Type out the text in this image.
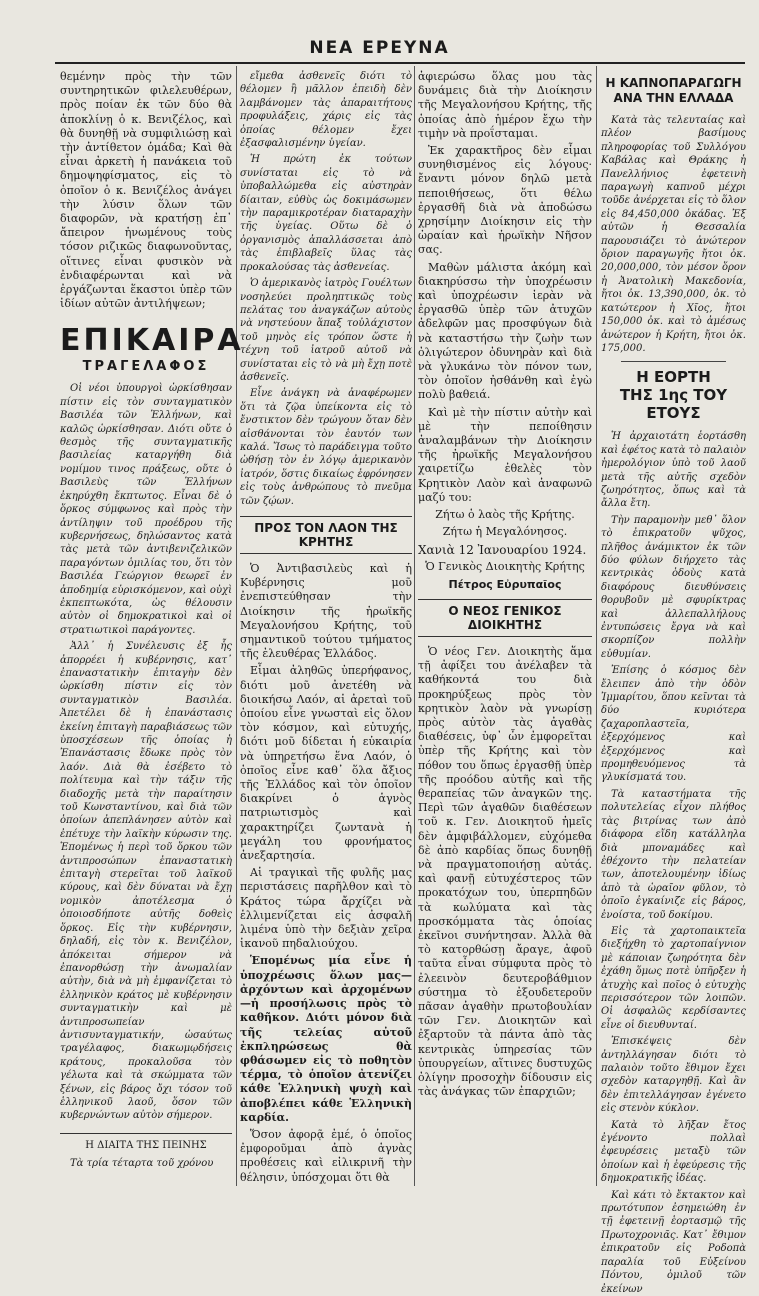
ΝΕΑ ΕΡΕΥΝΑ

θεμένην πρὸς τὴν τῶν συντηρητικῶν φιλελευθέρων, πρὸς ποίαν ἐκ τῶν δύο θὰ ἀποκλίνῃ ὁ κ. Βενιζέλος, καὶ θὰ δυνηθῇ νὰ συμφιλιώσῃ καὶ τὴν ἀντίθετον ὁμάδα; Καὶ θὰ εἶναι ἀρκετὴ ἡ πανάκεια τοῦ δημοψηφίσματος, εἰς τὸ ὁποῖον ὁ κ. Βενιζέλος ἀνάγει τὴν λύσιν ὅλων τῶν διαφορῶν, νὰ κρατήσῃ ἐπ᾿ ἄπειρον ἡνωμένους τοὺς τόσον ριζικῶς διαφωνοῦντας, οἵτινες εἶναι φυσικὸν νὰ ἐνδιαφέρωνται καὶ νὰ ἐργάζωνται ἕκαστοι ὑπὲρ τῶν ἰδίων αὐτῶν ἀντιλήψεων;

ΕΠΙΚΑΙΡΑ
ΤΡΑΓΕΛΑΦΟΣ

Οἱ νέοι ὑπουργοὶ ὡρκίσθησαν πίστιν εἰς τὸν συνταγματικὸν Βασιλέα τῶν Ἑλλήνων, καὶ καλῶς ὡρκίσθησαν. Διότι οὔτε ὁ θεσμὸς τῆς συνταγματικῆς βασιλείας καταργήθη διὰ νομίμου τινος πράξεως, οὔτε ὁ Βασιλεὺς τῶν Ἑλλήνων ἐκηρύχθη ἔκπτωτος. Εἶναι δὲ ὁ ὅρκος σύμφωνος καὶ πρὸς τὴν ἀντίληψιν τοῦ προέδρου τῆς κυβερνήσεως, δηλώσαντος κατὰ τὰς μετὰ τῶν ἀντιβενιζελικῶν παραγόντων ὁμιλίας του, ὅτι τὸν Βασιλέα Γεώργιον θεωρεῖ ἐν ἀποδημίᾳ εὑρισκόμενον, καὶ οὐχὶ ἐκπεπτωκότα, ὡς θέλουσιν αὐτὸν οἱ δημοκρατικοὶ καὶ οἱ στρατιωτικοὶ παράγοντες.

Ἀλλ᾿ ἡ Συνέλευσις ἐξ ἧς ἀπορρέει ἡ κυβέρνησις, κατ᾿ ἐπαναστατικὴν ἐπιταγὴν δὲν ὡρκίσθη πίστιν εἰς τὸν συνταγματικὸν Βασιλέα. Ἀπετέλει δὲ ἡ ἐπανάστασις ἐκείνη ἐπιταγὴ παραβιάσεως τῶν ὑποσχέσεων τῆς ὁποίας ἡ Ἐπανάστασις ἔδωκε πρὸς τὸν λαόν. Διὰ θὰ ἐσέβετο τὸ πολίτευμα καὶ τὴν τάξιν τῆς διαδοχῆς μετὰ τὴν παραίτησιν τοῦ Κωνσταντίνου, καὶ διὰ τῶν ὁποίων ἀπεπλάνησεν αὐτὸν καὶ ἐπέτυχε τὴν λαϊκὴν κύρωσιν της. Ἑπομένως ἡ περὶ τοῦ ὅρκου τῶν ἀντιπροσώπων ἐπαναστατικὴ ἐπιταγὴ στερεῖται τοῦ λαϊκοῦ κύρους, καὶ δὲν δύναται νὰ ἔχῃ νομικὸν ἀποτέλεσμα ὁ ὁποιοσδήποτε αὐτῆς δοθεὶς ὅρκος. Εἰς τὴν κυβέρνησιν, δηλαδή, εἰς τὸν κ. Βενιζέλον, ἀπόκειται σήμερον νὰ ἐπανορθώσῃ τὴν ἀνωμαλίαν αὐτὴν, διὰ νὰ μὴ ἐμφανίζεται τὸ ἑλληνικὸν κράτος μὲ κυβέρνησιν συνταγματικὴν καὶ μὲ ἀντιπροσωπείαν ἀντισυνταγματικήν, ὡσαύτως τραγέλαφος, διακωμῳδήσεις κράτους, προκαλοῦσα τὸν γέλωτα καὶ τὰ σκώμματα τῶν ξένων, εἰς βάρος ὄχι τόσον τοῦ ἑλληνικοῦ λαοῦ, ὅσον τῶν κυβερνώντων αὐτὸν σήμερον.

Η ΔΙΑΙΤΑ ΤΗΣ ΠΕΙΝΗΣ

Τὰ τρία τέταρτα τοῦ χρόνου

εἴμεθα ἀσθενεῖς διότι τὸ θέλομεν ἢ μᾶλλον ἐπειδὴ δὲν λαμβάνομεν τὰς ἀπαραιτήτους προφυλάξεις, χάρις εἰς τὰς ὁποίας θέλομεν ἔχει ἐξασφαλισμένην ὑγείαν.

Ἡ πρώτη ἐκ τούτων συνίσταται εἰς τὸ νὰ ὑποβαλλώμεθα εἰς αὐστηρὰν δίαιταν, εὐθὺς ὡς δοκιμάσωμεν τὴν παραμικροτέραν διαταραχὴν τῆς ὑγείας. Οὕτω δὲ ὁ ὀργανισμὸς ἀπαλλάσσεται ἀπὸ τὰς ἐπιβλαβεῖς ὕλας τὰς προκαλούσας τὰς ἀσθενείας.

Ὁ ἀμερικανὸς ἰατρὸς Γουέλτων νοσηλεύει προληπτικῶς τοὺς πελάτας του ἀναγκάζων αὐτοὺς νὰ νηστεύουν ἅπαξ τοὐλάχιστον τοῦ μηνὸς εἰς τρόπον ὥστε ἡ τέχνη τοῦ ἰατροῦ αὐτοῦ νὰ συνίσταται εἰς τὸ νὰ μὴ ἔχῃ ποτὲ ἀσθενεῖς.

Εἶνε ἀνάγκη νὰ ἀναφέρωμεν ὅτι τὰ ζῷα ὑπείκοντα εἰς τὸ ἔνστικτον δὲν τρώγουν ὅταν δὲν αἰσθάνονται τὸν ἑαυτόν των καλά. Ἴσως τὸ παράδειγμα τοῦτο ὠθήσῃ τὸν ἐν λόγῳ ἀμερικανὸν ἰατρόν, ὅστις δικαίως ἐφρόνησεν εἰς τοὺς ἀνθρώπους τὸ πνεῦμα τῶν ζῴων.

ΠΡΟΣ ΤΟΝ ΛΑΟΝ ΤΗΣ ΚΡΗΤΗΣ

Ὁ Ἀντιβασιλεὺς καὶ ἡ Κυβέρνησις μοῦ ἐνεπιστεύθησαν τὴν Διοίκησιν τῆς ἡρωϊκῆς Μεγαλονήσου Κρήτης, τοῦ σημαντικοῦ τούτου τμήματος τῆς ἐλευθέρας Ἑλλάδος.

Εἶμαι ἀληθῶς ὑπερήφανος, διότι μοῦ ἀνετέθη νὰ διοικήσω Λαόν, αἱ ἀρεταὶ τοῦ ὁποίου εἶνε γνωσταὶ εἰς ὅλον τὸν κόσμον, καὶ εὐτυχής, διότι μοῦ δίδεται ἡ εὐκαιρία νὰ ὑπηρετήσω ἕνα Λαόν, ὁ ὁποῖος εἶνε καθ᾿ ὅλα ἄξιος τῆς Ἑλλάδος καὶ τὸν ὁποῖον διακρίνει ὁ ἁγνὸς πατριωτισμὸς καὶ χαρακτηρίζει ζωντανὰ ἡ μεγάλη του φρονήματος ἀνεξαρτησία.

Αἱ τραγικαὶ τῆς φυλῆς μας περιστάσεις παρῆλθον καὶ τὸ Κράτος τώρα ἄρχίζει νὰ ἑλλιμενίζεται εἰς ἀσφαλῆ λιμένα ὑπὸ τὴν δεξιὰν χεῖρα ἱκανοῦ πηδαλιούχου.

Ἑπομένως μία εἶνε ἡ ὑποχρέωσις ὅλων μας—ἀρχόντων καὶ ἀρχομένων—ἡ προσήλωσις πρὸς τὸ καθῆκον. Διότι μόνον διὰ τῆς τελείας αὐτοῦ ἐκπληρώσεως θὰ φθάσωμεν εἰς τὸ ποθητὸν τέρμα, τὸ ὁποῖον ἀτενίζει κάθε Ἑλληνικὴ ψυχὴ καὶ ἀποβλέπει κάθε Ἑλληνικὴ καρδία.

Ὅσον ἀφορᾷ ἐμέ, ὁ ὁποῖος ἐμφοροῦμαι ἀπὸ ἁγνὰς προθέσεις καὶ εἰλικρινῆ τὴν θέλησιν, ὑπόσχομαι ὅτι θὰ

ἀφιερώσω ὅλας μου τὰς δυνάμεις διὰ τὴν Διοίκησιν τῆς Μεγαλονήσου Κρήτης, τῆς ὁποίας ἀπὸ ἡμέρον ἔχω τὴν τιμὴν νὰ προΐσταμαι.

Ἐκ χαρακτῆρος δὲν εἶμαι συνηθισμένος εἰς λόγους· ἔναντι μόνον δηλῶ μετὰ πεποιθήσεως, ὅτι θέλω ἐργασθῆ διὰ νὰ ἀποδώσω χρησίμην Διοίκησιν εἰς τὴν ὡραίαν καὶ ἡρωϊκὴν Νῆσον σας.

Μαθὼν μάλιστα ἀκόμη καὶ διακηρύσσω τὴν ὑποχρέωσιν καὶ ὑποχρέωσιν ἱερὰν νὰ ἐργασθῶ ὑπὲρ τῶν ἀτυχῶν ἀδελφῶν μας προσφύγων διὰ νὰ καταστήσω τὴν ζωὴν των ὀλιγώτερον ὀδυνηρὰν καὶ διὰ νὰ γλυκάνω τὸν πόνον των, τὸν ὁποῖον ἠσθάνθη καὶ ἐγὼ πολὺ βαθειά.

Καὶ μὲ τὴν πίστιν αὐτὴν καὶ μὲ τὴν πεποίθησιν ἀναλαμβάνων τὴν Διοίκησιν τῆς ἡρωϊκῆς Μεγαλονήσου χαιρετίζω ἐθελὲς τὸν Κρητικὸν Λαὸν καὶ ἀναφωνῶ μαζύ του:

Ζήτω ὁ λαὸς τῆς Κρήτης.

Ζήτω ἡ Μεγαλόνησος.

Χανιὰ 12 Ἰανουαρίου 1924.

Ὁ Γενικὸς Διοικητὴς Κρήτης

Πέτρος Εὐρυπαῖος
Ο ΝΕΟΣ ΓΕΝΙΚΟΣ ΔΙΟΙΚΗΤΗΣ

Ὁ νέος Γεν. Διοικητὴς ἅμα τῇ ἀφίξει του ἀνέλαβεν τὰ καθήκοντά του διὰ προκηρύξεως πρὸς τὸν κρητικὸν λαὸν νὰ γνωρίσῃ πρὸς αὐτὸν τὰς ἀγαθὰς διαθέσεις, ὑφ᾿ ὧν ἐμφορεῖται ὑπὲρ τῆς Κρήτης καὶ τὸν πόθον του ὅπως ἐργασθῇ ὑπὲρ τῆς προόδου αὐτῆς καὶ τῆς θεραπείας τῶν ἀναγκῶν της. Περὶ τῶν ἀγαθῶν διαθέσεων τοῦ κ. Γεν. Διοικητοῦ ἡμεῖς δὲν ἀμφιβάλλομεν, εὐχόμεθα δὲ ἀπὸ καρδίας ὅπως δυνηθῇ νὰ πραγματοποιήσῃ αὐτάς. καὶ φανῇ εὐτυχέστερος τῶν προκατόχων του, ὑπερπηδῶν τὰ κωλύματα καὶ τὰς προσκόμματα τὰς ὁποίας ἐκεῖνοι συνήντησαν. Ἀλλὰ θὰ τὸ κατορθώσῃ ἄραγε, ἀφοῦ ταῦτα εἶναι σύμφυτα πρὸς τὸ ἐλεεινὸν δευτεροβάθμιον σύστημα τὸ ἐξουδετεροῦν πᾶσαν ἀγαθὴν πρωτοβουλίαν τῶν Γεν. Διοικητῶν καὶ ἐξαρτοῦν τὰ πάντα ἀπὸ τὰς κεντρικὰς ὑπηρεσίας τῶν ὑπουργείων, αἵτινες δυστυχῶς ὀλίγην προσοχὴν δίδουσιν εἰς τὰς ἀνάγκας τῶν ἐπαρχιῶν;

Η ΚΑΠΝΟΠΑΡΑΓΩΓΗ ΑΝΑ ΤΗΝ ΕΛΛΑΔΑ

Κατὰ τὰς τελευταίας καὶ πλέον βασίμους πληροφορίας τοῦ Συλλόγου Καβάλας καὶ Θράκης ἡ Πανελλήνιος ἐφετεινὴ παραγωγὴ καπνοῦ μέχρι τοῦδε ἀνέρχεται εἰς τὸ ὅλον εἰς 84,450,000 ὀκάδας. Ἐξ αὐτῶν ἡ Θεσσαλία παρουσιάζει τὸ ἀνώτερον ὅριον παραγωγῆς ἤτοι ὀκ. 20,000,000, τὸν μέσον ὅρον ἡ Ἀνατολικὴ Μακεδονία, ἤτοι ὀκ. 13,390,000, ὀκ. τὸ κατώτερον ἡ Χῖος, ἤτοι 150,000 ὀκ. καὶ τὸ ἀμέσως ἀνώτερον ἡ Κρήτη, ἤτοι ὀκ. 175,000.

Η ΕΟΡΤΗ
ΤΗΣ 1ης ΤΟΥ ΕΤΟΥΣ

Ἡ ἀρχαιοτάτη ἑορτάσθη καὶ ἐφέτος κατὰ τὸ παλαιὸν ἡμερολόγιον ὑπὸ τοῦ λαοῦ μετὰ τῆς αὐτῆς σχεδὸν ζωηρότητος, ὅπως καὶ τὰ ἄλλα ἔτη.

Τὴν παραμονὴν μεθ᾿ ὅλον τὸ ἐπικρατοῦν ψῦχος, πλῆθος ἀνάμικτον ἐκ τῶν δύο φύλων διήρχετο τὰς κεντρικὰς ὁδοὺς κατὰ διαφόρους διευθύνσεις θορυβοῦν μὲ σφυρίκτρας καὶ ἀλλεπαλλήλους ἐντυπώσεις ἔργα νὰ καὶ σκορπίζον πολλὴν εὐθυμίαν.

Ἐπίσης ὁ κόσμος δὲν ἔλειπεν ἀπὸ τὴν ὁδὸν Ἰμμαρίτου, ὅπου κεῖνται τὰ δύο κυριότερα ζαχαροπλαστεῖα, ἐξερχόμενος καὶ ἐξερχόμενος καὶ προμηθευόμενος τὰ γλυκίσματά του.

Τὰ καταστήματα τῆς πολυτελείας εἶχον πλήθος τὰς βιτρίνας των ἀπὸ διάφορα εἴδη κατάλληλα διὰ μποναμάδες καὶ ἐθέχοντο τὴν πελατείαν των, ἀποτελουμένην ἰδίως ἀπὸ τὰ ὡραῖον φῦλον, τὸ ὁποῖο ἐγκαίνιζε εἰς βάρος, ἐνοίστα, τοῦ δοκίμου.

Εἰς τὰ χαρτοπαικτεῖα διεξήχθη τὸ χαρτοπαίγνιον μὲ κάποιαν ζωηρότητα δὲν ἐχάθη ὅμως ποτὲ ὑπῆρξεν ἡ ἀτυχὴς καὶ ποῖος ὁ εὐτυχὴς περισσότερον τῶν λοιπῶν. Οἱ ἀσφαλῶς κερδίσαντες εἶνε οἱ διευθυνταί.

Ἐπισκέψεις δὲν ἀντηλλάγησαν διότι τὸ παλαιὸν τοῦτο ἔθιμον ἔχει σχεδὸν καταργηθῇ. Καὶ ἂν δὲν ἐπιτελλάγησαν ἐγένετο εἰς στενὸν κύκλον.

Κατὰ τὸ λῆξαν ἔτος ἐγένοντο πολλαὶ ἐφευρέσεις μεταξὺ τῶν ὁποίων καὶ ἡ ἐφεύρεσις τῆς δημοκρατικῆς ἰδέας.

Καὶ κάτι τὸ ἔκτακτον καὶ πρωτότυπον ἐσημειώθη ἐν τῇ ἐφετεινῇ ἑορτασμῷ τῆς Πρωτοχρονιᾶς. Κατ᾿ ἔθιμον ἐπικρατοῦν εἰς Ροδοπὰ παραλία τοῦ Εὐξείνου Πόντου, ὁμιλοῦ τῶν ἐκείνων
